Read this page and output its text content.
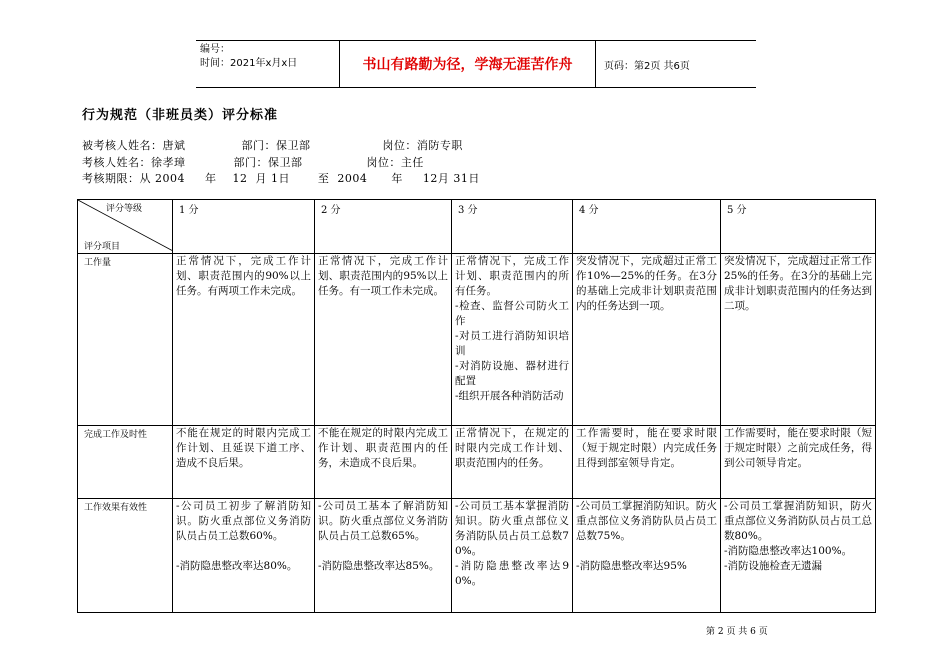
编号：
时间：2021年x月x日	书山有路勤为径，学海无涯苦作舟	页码：第2页 共6页
行为规范（非班员类）评分标准
被考核人姓名：唐斌              部门：保卫部                  岗位：消防专职
考核人姓名：徐孝璋            部门：保卫部                岗位：主任
考核期限：从 2004     年    12  月 1日       至  2004      年     12月 31日
评分等级
评分项目	1 分	2 分	3 分	4 分	5 分
工作量	正常情况下，完成工作计划、职责范围内的90%以上任务。有两项工作未完成。	正常情况下，完成工作计划、职责范围内的95%以上任务。有一项工作未完成。	正常情况下，完成工作计划、职责范围内的所有任务。
-检查、监督公司防火工作
-对员工进行消防知识培训
-对消防设施、器材进行配置
-组织开展各种消防活动	突发情况下，完成超过正常工作10%—25%的任务。在3分的基础上完成非计划职责范围内的任务达到一项。	突发情况下，完成超过正常工作25%的任务。在3分的基础上完成非计划职责范围内的任务达到二项。

完成工作及时性	不能在规定的时限内完成工作计划、且延误下道工序、造成不良后果。	不能在规定的时限内完成工作计划、职责范围内的任务，未造成不良后果。	正常情况下，在规定的时限内完成工作计划、职责范围内的任务。	工作需要时，能在要求时限（短于规定时限）内完成任务且得到部室领导肯定。	工作需要时，能在要求时限（短于规定时限）之前完成任务，得到公司领导肯定。

工作效果有效性	-公司员工初步了解消防知识。防火重点部位义务消防队员占员工总数60%。

-消防隐患整改率达80%。	-公司员工基本了解消防知识。防火重点部位义务消防队员占员工总数65%。

-消防隐患整改率达85%。	-公司员工基本掌握消防知识。防火重点部位义务消防队员占员工总数70%。
-消防隐患整改率达90%。	-公司员工掌握消防知识。防火重点部位义务消防队员占员工总数75%。

-消防隐患整改率达95%	-公司员工掌握消防知识，防火重点部位义务消防队员占员工总数80%。
-消防隐患整改率达100%。
-消防设施检查无遗漏
第 2 页 共 6 页
